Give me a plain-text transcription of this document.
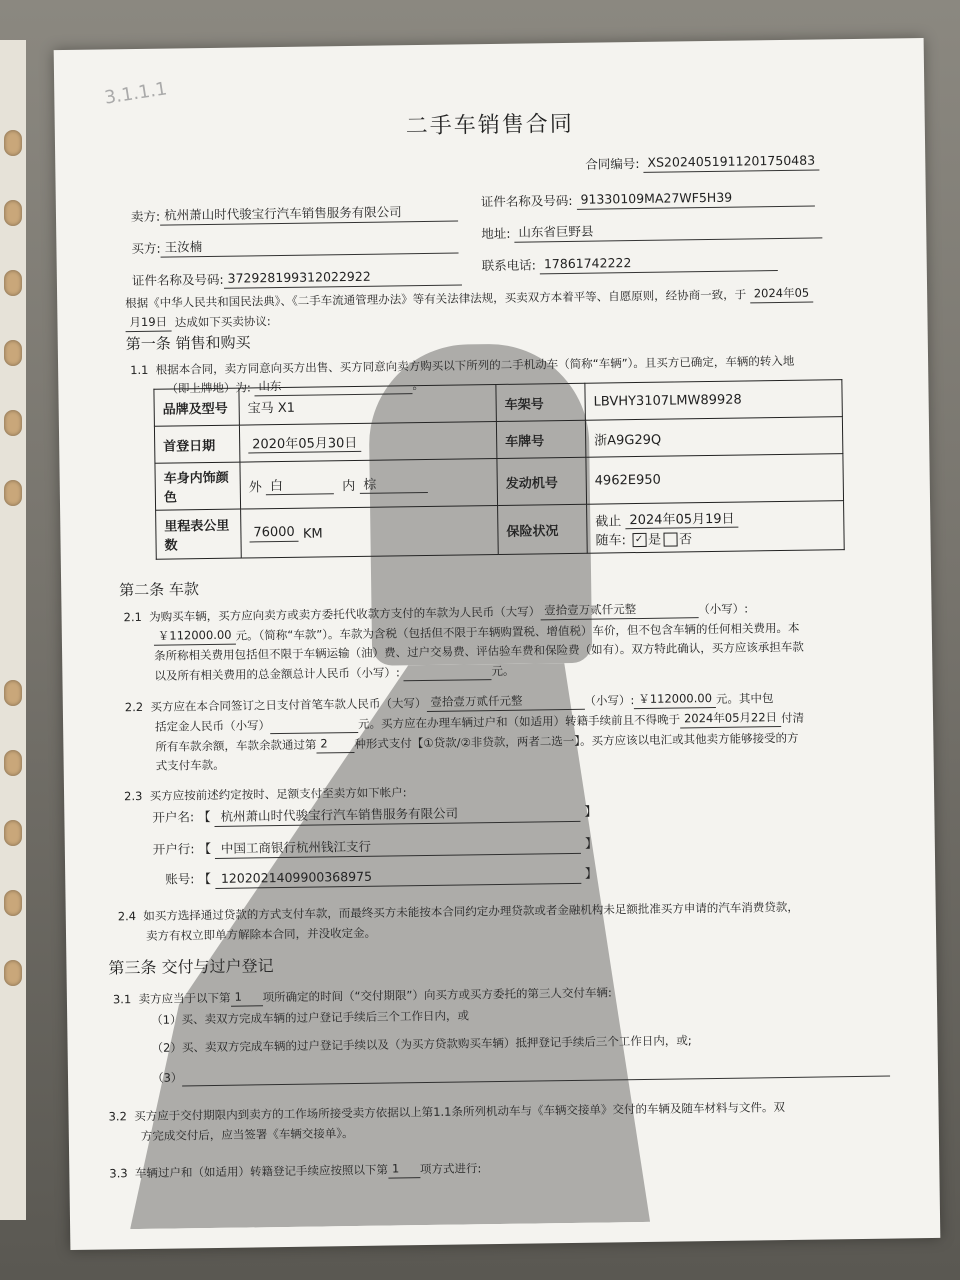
3.1.1.1
二手车销售合同
合同编号: XS2024051911201750483
卖方: 杭州萧山时代骏宝行汽车销售服务有限公司
证件名称及号码: 91330109MA27WF5H39
买方: 王汝楠
地址: 山东省巨野县
证件名称及号码: 372928199312022922
联系电话: 17861742222
根据《中华人民共和国民法典》、《二手车流通管理办法》等有关法律法规，买卖双方本着平等、自愿原则，经协商一致，于 2024年05
月19日 达成如下买卖协议:
第一条 销售和购买
1.1 根据本合同，卖方同意向买方出售、买方同意向卖方购买以下所列的二手机动车（简称“车辆”）。且买方已确定，车辆的转入地
（即上牌地）为: 山东	。
品牌及型号	宝马 X1	车架号	LBVHY3107LMW89928
首登日期	2020年05月30日	车牌号	浙A9G29Q
车身内饰颜色	外 白 内 棕	发动机号	4962E950
里程表公里数	76000 KM	保险状况	截止 2024年05月19日
随车: ✓ 是 否
第二条 车款
2.1 为购买车辆，买方应向卖方或卖方委托代收款方支付的车款为人民币（大写） 壹拾壹万贰仟元整	（小写）:
￥112000.00 元。（简称“车款”）。车款为含税（包括但不限于车辆购置税、增值税）车价，但不包含车辆的任何相关费用。本
条所称相关费用包括但不限于车辆运输（油）费、过户交易费、评估验车费和保险费（如有）。双方特此确认，买方应该承担车款
以及所有相关费用的总金额总计人民币（小写）:	元。
2.2 买方应在本合同签订之日支付首笔车款人民币（大写） 壹拾壹万贰仟元整	（小写）: ￥112000.00 元。其中包
括定金人民币（小写）	元。买方应在办理车辆过户和（如适用）转籍手续前且不得晚于 2024年05月22日 付清
所有车款余额，车款余款通过第 2 种形式支付【①贷款/②非贷款，两者二选一】。买方应该以电汇或其他卖方能够接受的方
式支付车款。
2.3 买方应按前述约定按时、足额支付至卖方如下帐户:
开户名: 【 杭州萧山时代骏宝行汽车销售服务有限公司	】
开户行: 【 中国工商银行杭州钱江支行	】
账号: 【 1202021409900368975	】
2.4 如买方选择通过贷款的方式支付车款，而最终买方未能按本合同约定办理贷款或者金融机构未足额批准买方申请的汽车消费贷款，
卖方有权立即单方解除本合同，并没收定金。
第三条 交付与过户登记
3.1 卖方应当于以下第 1 项所确定的时间（“交付期限”）向买方或买方委托的第三人交付车辆:
（1）买、卖双方完成车辆的过户登记手续后三个工作日内，或
（2）买、卖双方完成车辆的过户登记手续以及（为买方贷款购买车辆）抵押登记手续后三个工作日内，或;
（3）
3.2 买方应于交付期限内到卖方的工作场所接受卖方依据以上第1.1条所列机动车与《车辆交接单》交付的车辆及随车材料与文件。双
方完成交付后，应当签署《车辆交接单》。
3.3 车辆过户和（如适用）转籍登记手续应按照以下第 1 项方式进行:
